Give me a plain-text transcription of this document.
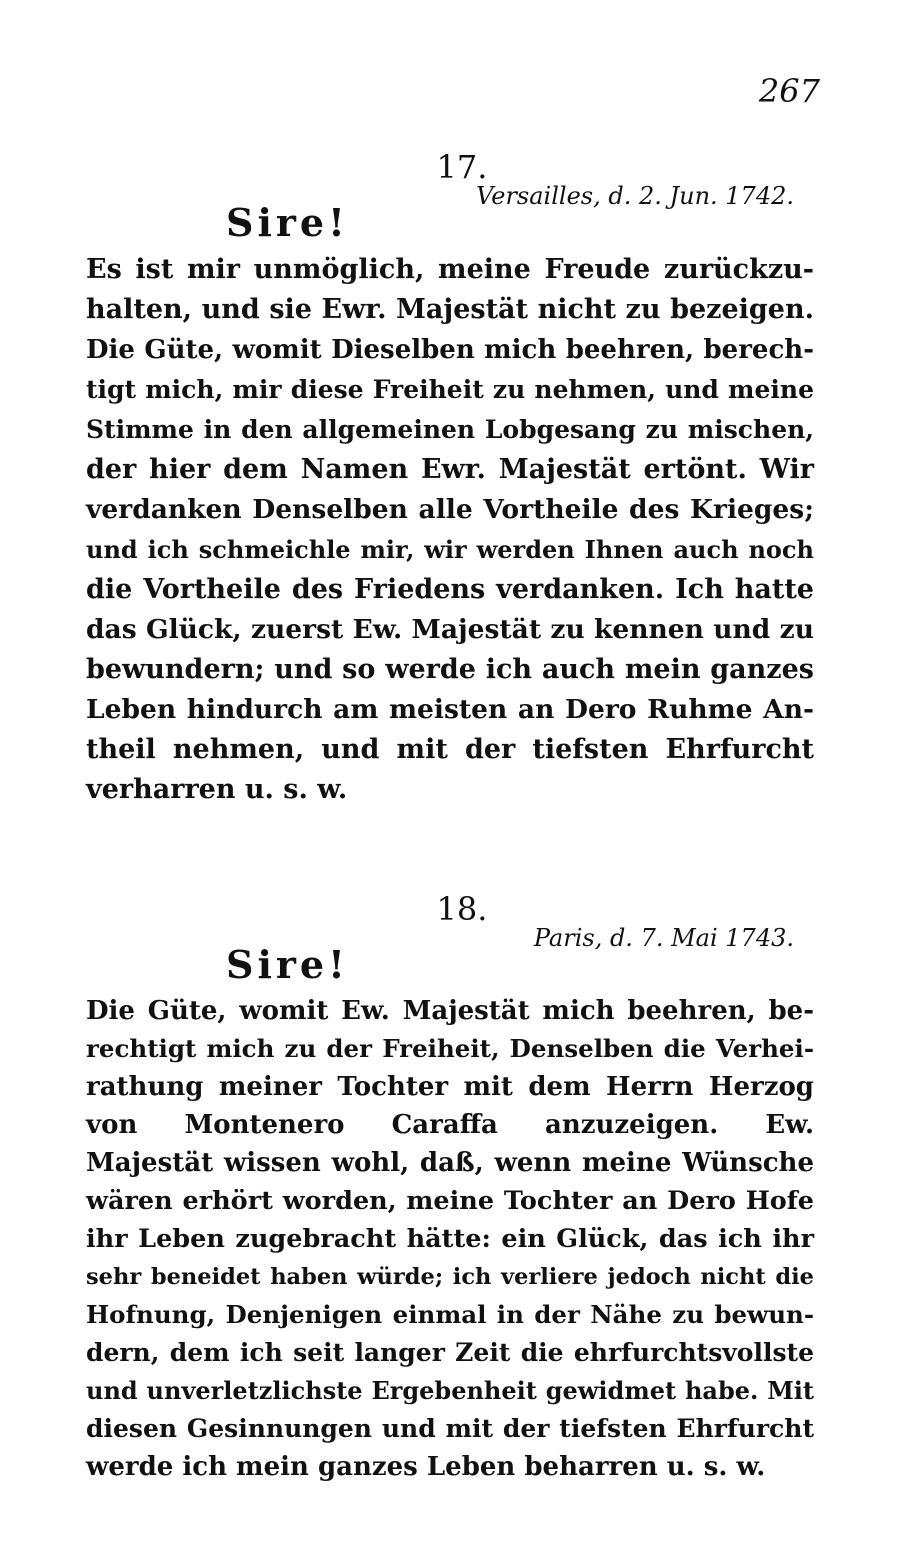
267
17.
Versailles, d. 2. Jun. 1742.
Sire!
Es ist mir unmöglich, meine Freude zurückzu-
halten, und sie Ewr. Majestät nicht zu bezeigen.
Die Güte, womit Dieselben mich beehren, berech-
tigt mich, mir diese Freiheit zu nehmen, und meine
Stimme in den allgemeinen Lobgesang zu mischen,
der hier dem Namen Ewr. Majestät ertönt. Wir
verdanken Denselben alle Vortheile des Krieges;
und ich schmeichle mir, wir werden Ihnen auch noch
die Vortheile des Friedens verdanken. Ich hatte
das Glück, zuerst Ew. Majestät zu kennen und zu
bewundern; und so werde ich auch mein ganzes
Leben hindurch am meisten an Dero Ruhme An-
theil nehmen, und mit der tiefsten Ehrfurcht
verharren u. s. w.
18.
Paris, d. 7. Mai 1743.
Sire!
Die Güte, womit Ew. Majestät mich beehren, be-
rechtigt mich zu der Freiheit, Denselben die Verhei-
rathung meiner Tochter mit dem Herrn Herzog
von Montenero Caraffa anzuzeigen. Ew.
Majestät wissen wohl, daß, wenn meine Wünsche
wären erhört worden, meine Tochter an Dero Hofe
ihr Leben zugebracht hätte: ein Glück, das ich ihr
sehr beneidet haben würde; ich verliere jedoch nicht die
Hofnung, Denjenigen einmal in der Nähe zu bewun-
dern, dem ich seit langer Zeit die ehrfurchtsvollste
und unverletzlichste Ergebenheit gewidmet habe. Mit
diesen Gesinnungen und mit der tiefsten Ehrfurcht
werde ich mein ganzes Leben beharren u. s. w.
